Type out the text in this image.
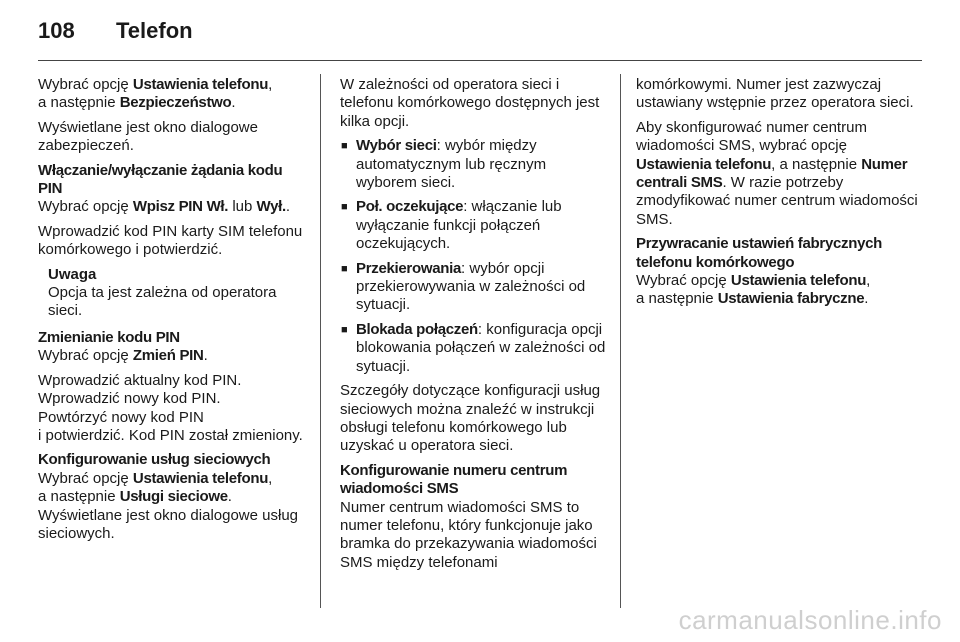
108	Telefon

Wybrać opcję Ustawienia telefonu,
a następnie Bezpieczeństwo.

Wyświetlane jest okno dialogowe zabezpieczeń.

Włączanie/wyłączanie żądania kodu PIN
Wybrać opcję Wpisz PIN Wł. lub Wył..

Wprowadzić kod PIN karty SIM telefonu komórkowego i potwierdzić.

Uwaga
Opcja ta jest zależna od operatora sieci.

Zmienianie kodu PIN
Wybrać opcję Zmień PIN.

Wprowadzić aktualny kod PIN.
Wprowadzić nowy kod PIN.
Powtórzyć nowy kod PIN
i potwierdzić. Kod PIN został zmieniony.

Konfigurowanie usług sieciowych
Wybrać opcję Ustawienia telefonu,
a następnie Usługi sieciowe.
Wyświetlane jest okno dialogowe usług sieciowych.

W zależności od operatora sieci i telefonu komórkowego dostępnych jest kilka opcji.

■ Wybór sieci: wybór między automatycznym lub ręcznym wyborem sieci.
■ Poł. oczekujące: włączanie lub wyłączanie funkcji połączeń oczekujących.
■ Przekierowania: wybór opcji przekierowywania w zależności od sytuacji.
■ Blokada połączeń: konfiguracja opcji blokowania połączeń w zależności od sytuacji.

Szczegóły dotyczące konfiguracji usług sieciowych można znaleźć w instrukcji obsługi telefonu komórkowego lub uzyskać u operatora sieci.

Konfigurowanie numeru centrum wiadomości SMS
Numer centrum wiadomości SMS to numer telefonu, który funkcjonuje jako bramka do przekazywania wiadomości SMS między telefonami

komórkowymi. Numer jest zazwyczaj ustawiany wstępnie przez operatora sieci.

Aby skonfigurować numer centrum wiadomości SMS, wybrać opcję Ustawienia telefonu, a następnie Numer centrali SMS. W razie potrzeby zmodyfikować numer centrum wiadomości SMS.

Przywracanie ustawień fabrycznych telefonu komórkowego
Wybrać opcję Ustawienia telefonu,
a następnie Ustawienia fabryczne.

carmanualsonline.info
